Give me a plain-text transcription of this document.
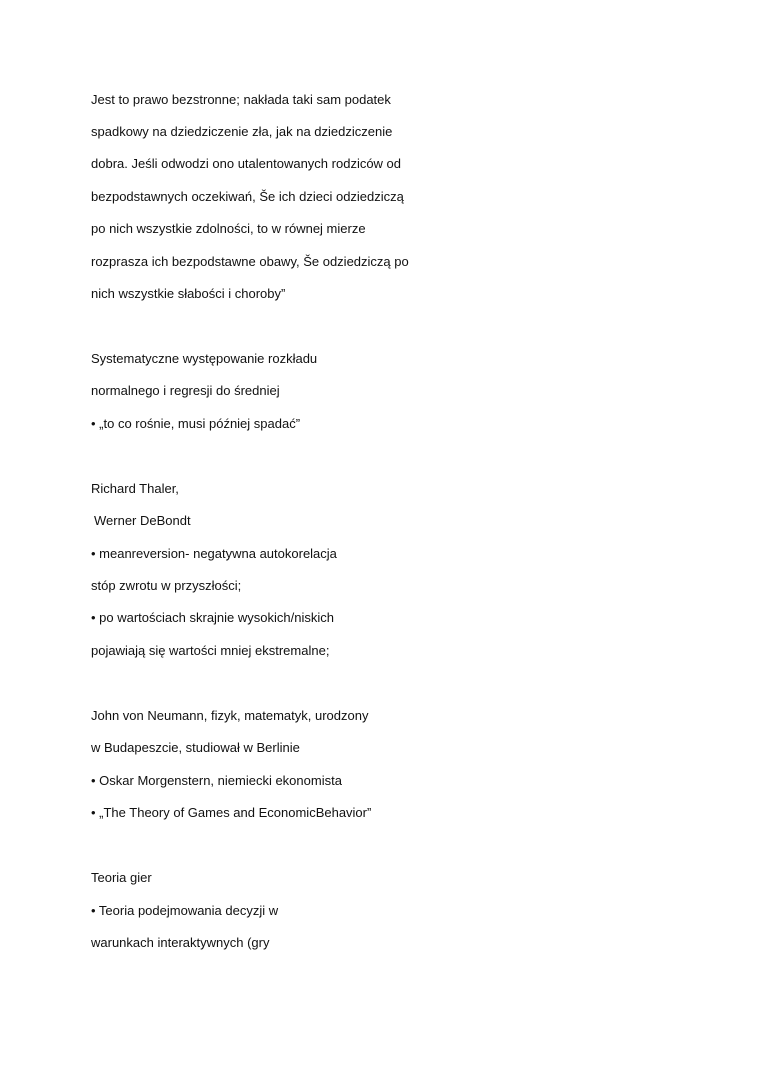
Jest to prawo bezstronne; nakłada taki sam podatek
spadkowy na dziedziczenie zła, jak na dziedziczenie
dobra. Jeśli odwodzi ono utalentowanych rodziców od
bezpodstawnych oczekiwań, Še ich dzieci odziedziczą
po nich wszystkie zdolności, to w równej mierze
rozprasza ich bezpodstawne obawy, Še odziedziczą po
nich wszystkie słabości i choroby”
Systematyczne występowanie rozkładu
normalnego i regresji do średniej
• „to co rośnie, musi później spadać”
Richard Thaler,
Werner DeBondt
• meanreversion- negatywna autokorelacja
stóp zwrotu w przyszłości;
• po wartościach skrajnie wysokich/niskich
pojawiają się wartości mniej ekstremalne;
John von Neumann, fizyk, matematyk, urodzony
w Budapeszcie, studiował w Berlinie
• Oskar Morgenstern, niemiecki ekonomista
• „The Theory of Games and EconomicBehavior”
Teoria gier
• Teoria podejmowania decyzji w
warunkach interaktywnych (gry
